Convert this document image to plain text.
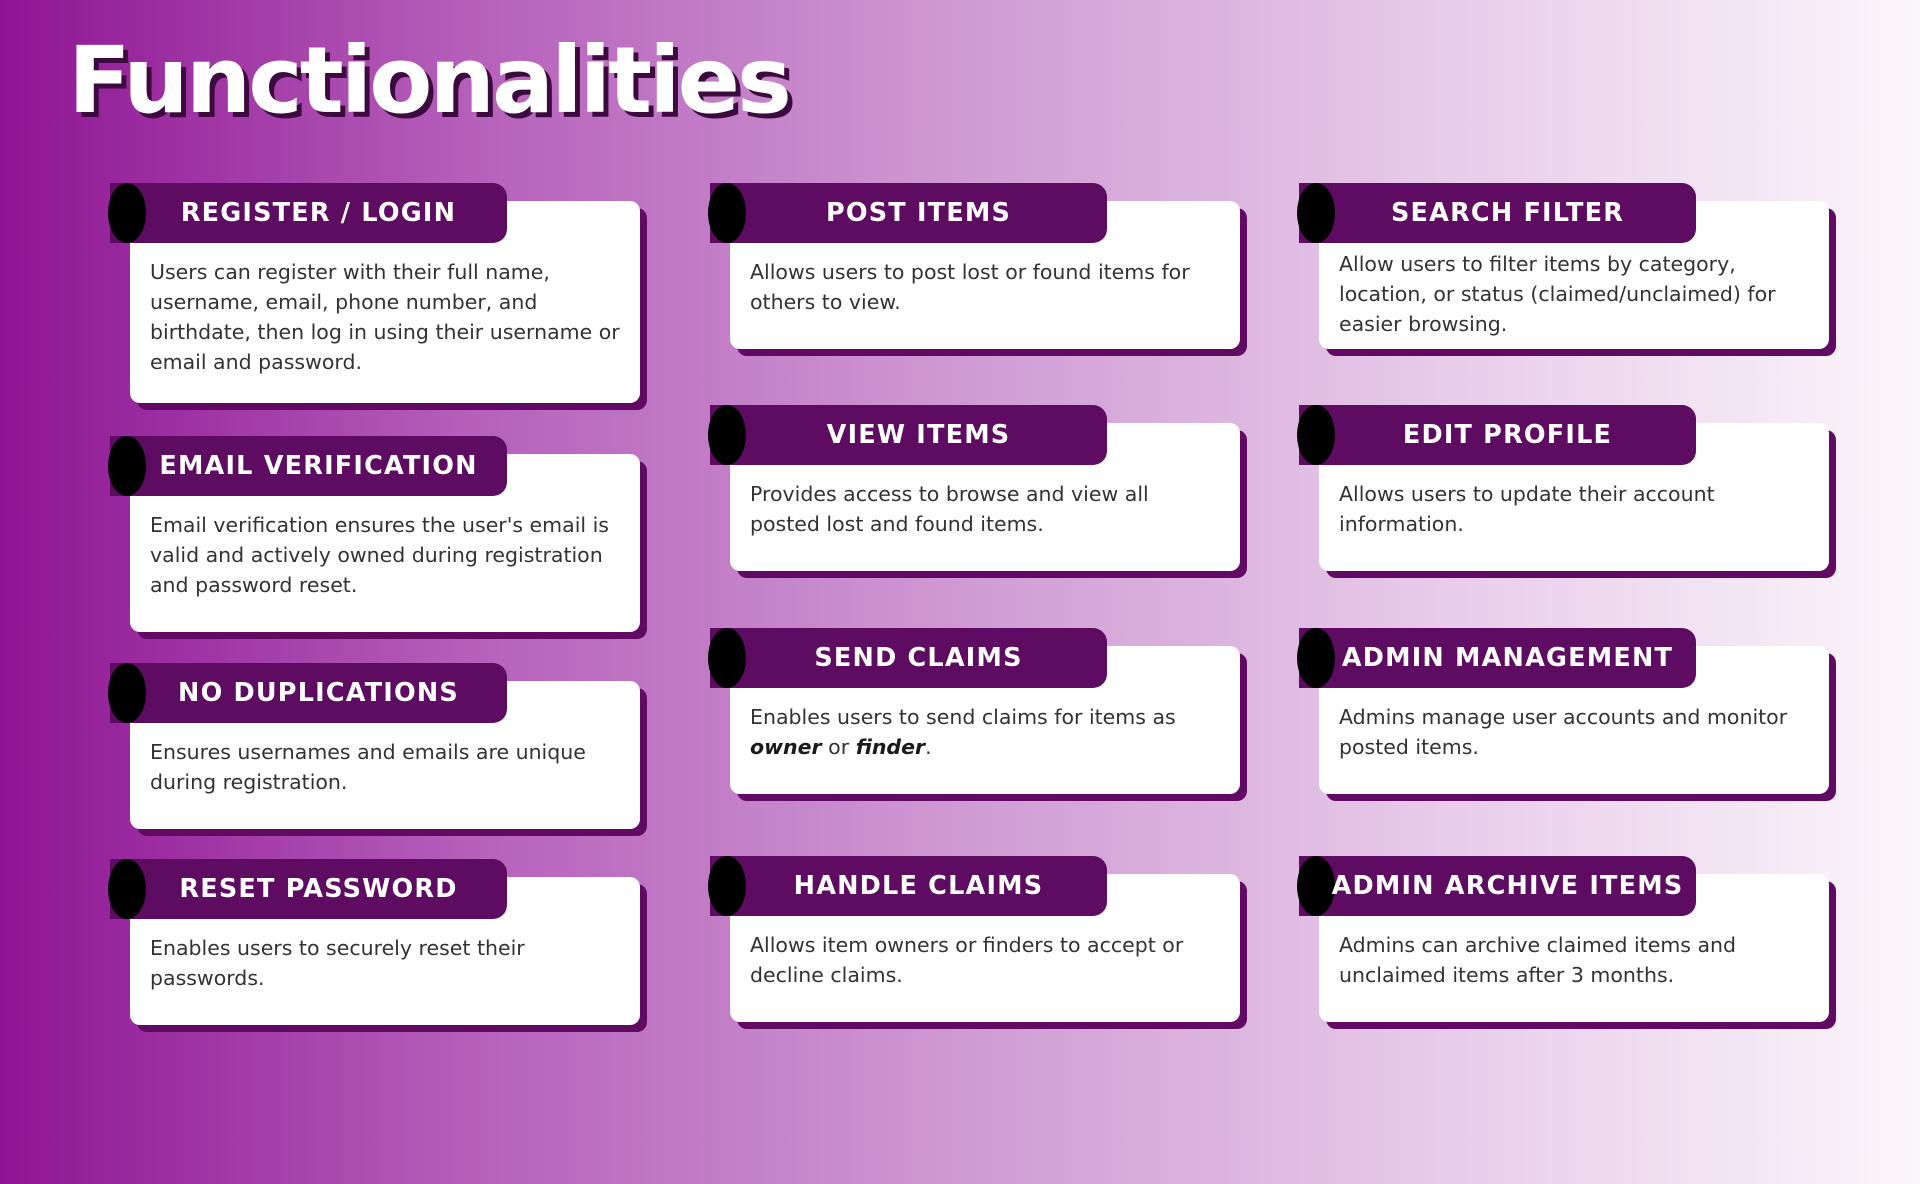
Functionalities

Users can register with their full name, username, email, phone number, and birthdate, then log in using their username or email and password.

REGISTER / LOGIN

Email verification ensures the user's email is valid and actively owned during registration and password reset.

EMAIL VERIFICATION

Ensures usernames and emails are unique during registration.

NO DUPLICATIONS

Enables users to securely reset their passwords.

RESET PASSWORD

Allows users to post lost or found items for others to view.

POST ITEMS

Provides access to browse and view all posted lost and found items.

VIEW ITEMS

Enables users to send claims for items as
owner or finder.

SEND CLAIMS

Allows item owners or finders to accept or decline claims.

HANDLE CLAIMS

Allow users to filter items by category, location, or status (claimed/unclaimed) for easier browsing.

SEARCH FILTER

Allows users to update their account information.

EDIT PROFILE

Admins manage user accounts and monitor posted items.

ADMIN MANAGEMENT

Admins can archive claimed items and unclaimed items after 3 months.

ADMIN ARCHIVE ITEMS
